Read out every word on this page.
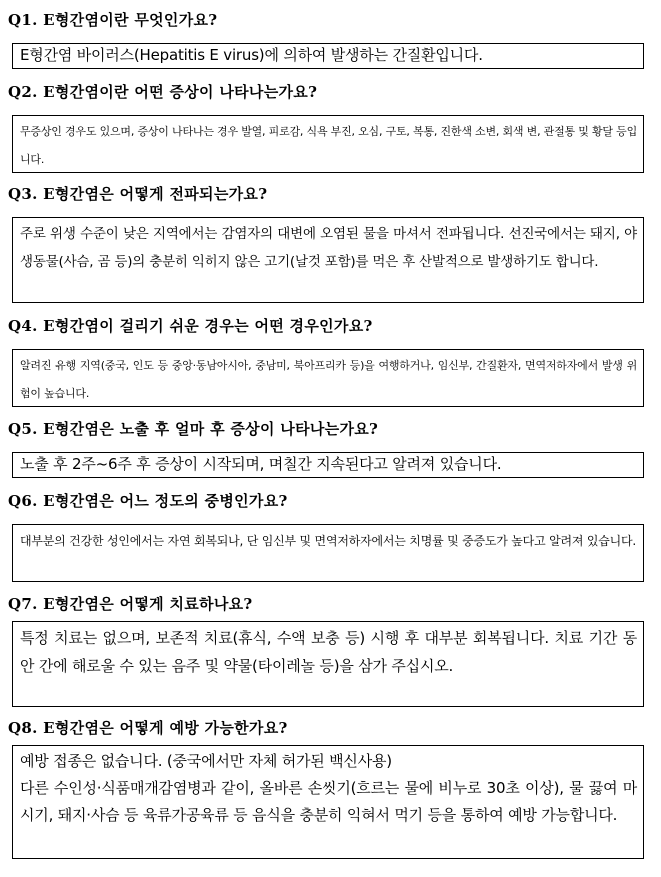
Q1. E형간염이란 무엇인가요?
E형간염 바이러스(Hepatitis E virus)에 의하여 발생하는 간질환입니다.
Q2. E형간염이란 어떤 증상이 나타나는가요?
무증상인 경우도 있으며, 증상이 나타나는 경우 발열, 피로감, 식욕 부진, 오심, 구토, 복통, 진한색 소변, 회색 변, 관절통 및 황달 등입니다.
Q3. E형간염은 어떻게 전파되는가요?
주로 위생 수준이 낮은 지역에서는 감염자의 대변에 오염된 물을 마셔서 전파됩니다. 선진국에서는 돼지, 야생동물(사슴, 곰 등)의 충분히 익히지 않은 고기(날것 포함)를 먹은 후 산발적으로 발생하기도 합니다.
Q4. E형간염이 걸리기 쉬운 경우는 어떤 경우인가요?
알려진 유행 지역(중국, 인도 등 중앙·동남아시아, 중남미, 북아프리카 등)을 여행하거나, 임신부, 간질환자, 면역저하자에서 발생 위험이 높습니다.
Q5. E형간염은 노출 후 얼마 후 증상이 나타나는가요?
노출 후 2주~6주 후 증상이 시작되며, 며칠간 지속된다고 알려져 있습니다.
Q6. E형간염은 어느 정도의 중병인가요?
대부분의 건강한 성인에서는 자연 회복되나, 단 임신부 및 면역저하자에서는 치명률 및 중증도가 높다고 알려져 있습니다.
Q7. E형간염은 어떻게 치료하나요?
특정 치료는 없으며, 보존적 치료(휴식, 수액 보충 등) 시행 후 대부분 회복됩니다. 치료 기간 동안 간에 해로울 수 있는 음주 및 약물(타이레놀 등)을 삼가 주십시오.
Q8. E형간염은 어떻게 예방 가능한가요?
예방 접종은 없습니다. (중국에서만 자체 허가된 백신사용)
다른 수인성·식품매개감염병과 같이, 올바른 손씻기(흐르는 물에 비누로 30초 이상), 물 끓여 마시기, 돼지·사슴 등 육류가공육류 등 음식을 충분히 익혀서 먹기 등을 통하여 예방 가능합니다.
